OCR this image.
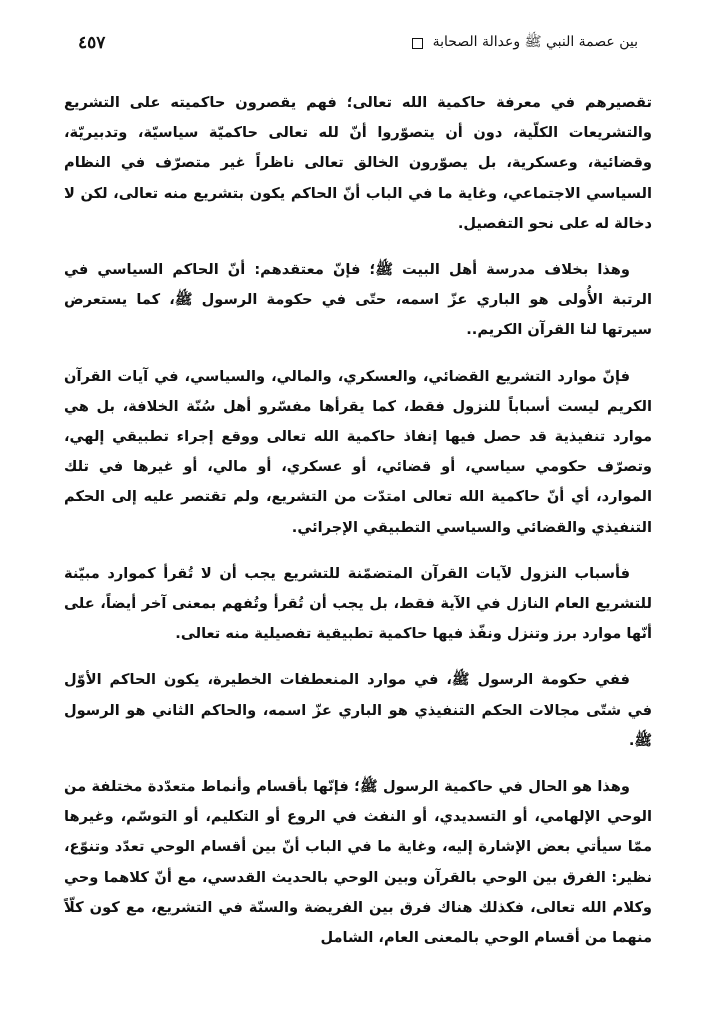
بين عصمة النبي ﷺ وعدالة الصحابة
٤٥٧

تقصيرهم في معرفة حاكمية الله تعالى؛ فهم يقصرون حاكميته على التشريع والتشريعات الكلّية، دون أن يتصوّروا أنّ لله تعالى حاكميّة سياسيّة، وتدبيريّة، وقضائية، وعسكرية، بل يصوّرون الخالق تعالى ناظراً غير متصرّف في النظام السياسي الاجتماعي، وغاية ما في الباب أنّ الحاكم يكون بتشريع منه تعالى، لكن لا دخالة له على نحو التفصيل.

وهذا بخلاف مدرسة أهل البيت ﷺ؛ فإنّ معتقدهم: أنّ الحاكم السياسي في الرتبة الأُولى هو الباري عزّ اسمه، حتّى في حكومة الرسول ﷺ، كما يستعرض سيرتها لنا القرآن الكريم..

فإنّ موارد التشريع القضائي، والعسكري، والمالي، والسياسي، في آيات القرآن الكريم ليست أسباباً للنزول فقط، كما يقرأها مفسّرو أهل سُنّة الخلافة، بل هي موارد تنفيذية قد حصل فيها إنفاذ حاكمية الله تعالى ووقع إجراء تطبيقي إلهي، وتصرّف حكومي سياسي، أو قضائي، أو عسكري، أو مالي، أو غيرها في تلك الموارد، أي أنّ حاكمية الله تعالى امتدّت من التشريع، ولم تقتصر عليه إلى الحكم التنفيذي والقضائي والسياسي التطبيقي الإجرائي.

فأسباب النزول لآيات القرآن المتضمّنة للتشريع يجب أن لا تُقرأ كموارد مبيّنة للتشريع العام النازل في الآية فقط، بل يجب أن تُقرأ وتُفهم بمعنى آخر أيضاً، على أنّها موارد برز وتنزل ونفّذ فيها حاكمية تطبيقية تفصيلية منه تعالى.

ففي حكومة الرسول ﷺ، في موارد المنعطفات الخطيرة، يكون الحاكم الأوّل في شتّى مجالات الحكم التنفيذي هو الباري عزّ اسمه، والحاكم الثاني هو الرسول ﷺ.

وهذا هو الحال في حاكمية الرسول ﷺ؛ فإنّها بأقسام وأنماط متعدّدة مختلفة من الوحي الإلهامي، أو التسديدي، أو النفث في الروع أو التكليم، أو التوسّم، وغيرها ممّا سيأتي بعض الإشارة إليه، وغاية ما في الباب أنّ بين أقسام الوحي تعدّد وتنوّع، نظير: الفرق بين الوحي بالقرآن وبين الوحي بالحديث القدسي، مع أنّ كلاهما وحي وكلام الله تعالى، فكذلك هناك فرق بين الفريضة والسنّة في التشريع، مع كون كلّاً منهما من أقسام الوحي بالمعنى العام، الشامل
